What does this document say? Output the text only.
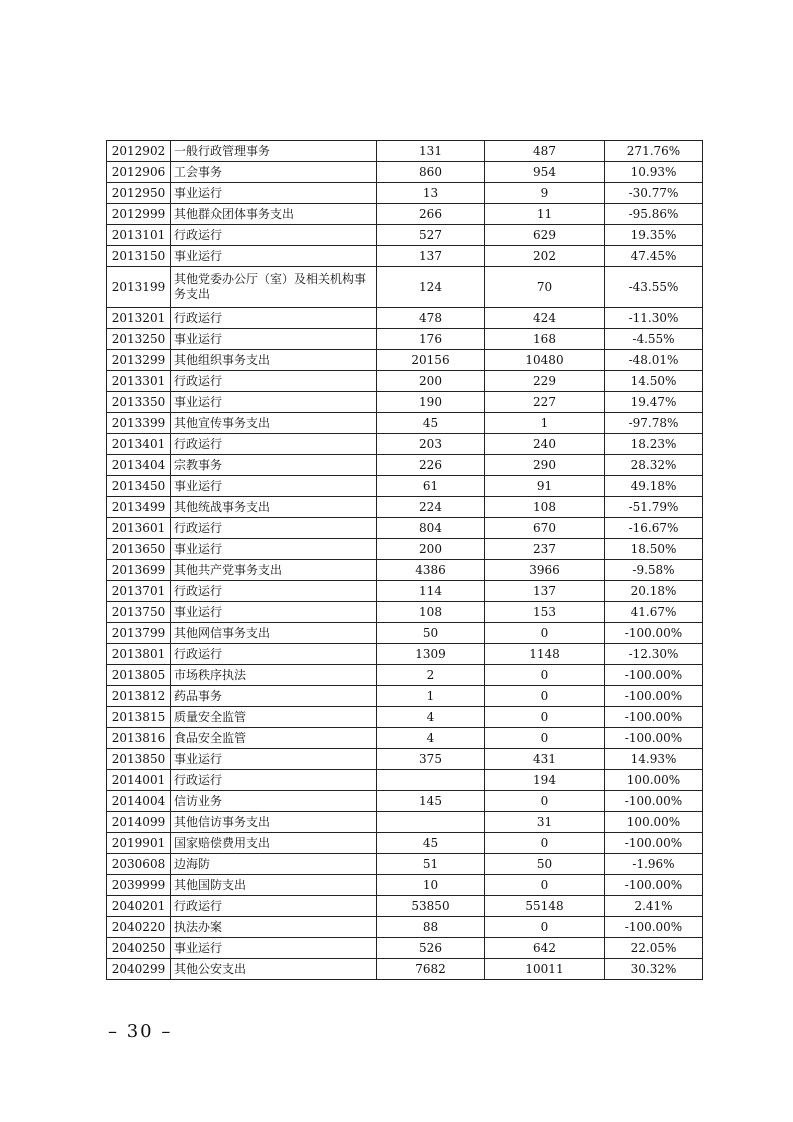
2012902	一般行政管理事务	131	487	271.76%
2012906	工会事务	860	954	10.93%
2012950	事业运行	13	9	-30.77%
2012999	其他群众团体事务支出	266	11	-95.86%
2013101	行政运行	527	629	19.35%
2013150	事业运行	137	202	47.45%
2013199	其他党委办公厅（室）及相关机构事务支出	124	70	-43.55%
2013201	行政运行	478	424	-11.30%
2013250	事业运行	176	168	-4.55%
2013299	其他组织事务支出	20156	10480	-48.01%
2013301	行政运行	200	229	14.50%
2013350	事业运行	190	227	19.47%
2013399	其他宣传事务支出	45	1	-97.78%
2013401	行政运行	203	240	18.23%
2013404	宗教事务	226	290	28.32%
2013450	事业运行	61	91	49.18%
2013499	其他统战事务支出	224	108	-51.79%
2013601	行政运行	804	670	-16.67%
2013650	事业运行	200	237	18.50%
2013699	其他共产党事务支出	4386	3966	-9.58%
2013701	行政运行	114	137	20.18%
2013750	事业运行	108	153	41.67%
2013799	其他网信事务支出	50	0	-100.00%
2013801	行政运行	1309	1148	-12.30%
2013805	市场秩序执法	2	0	-100.00%
2013812	药品事务	1	0	-100.00%
2013815	质量安全监管	4	0	-100.00%
2013816	食品安全监管	4	0	-100.00%
2013850	事业运行	375	431	14.93%
2014001	行政运行		194	100.00%
2014004	信访业务	145	0	-100.00%
2014099	其他信访事务支出		31	100.00%
2019901	国家赔偿费用支出	45	0	-100.00%
2030608	边海防	51	50	-1.96%
2039999	其他国防支出	10	0	-100.00%
2040201	行政运行	53850	55148	2.41%
2040220	执法办案	88	0	-100.00%
2040250	事业运行	526	642	22.05%
2040299	其他公安支出	7682	10011	30.32%
– 30 –
